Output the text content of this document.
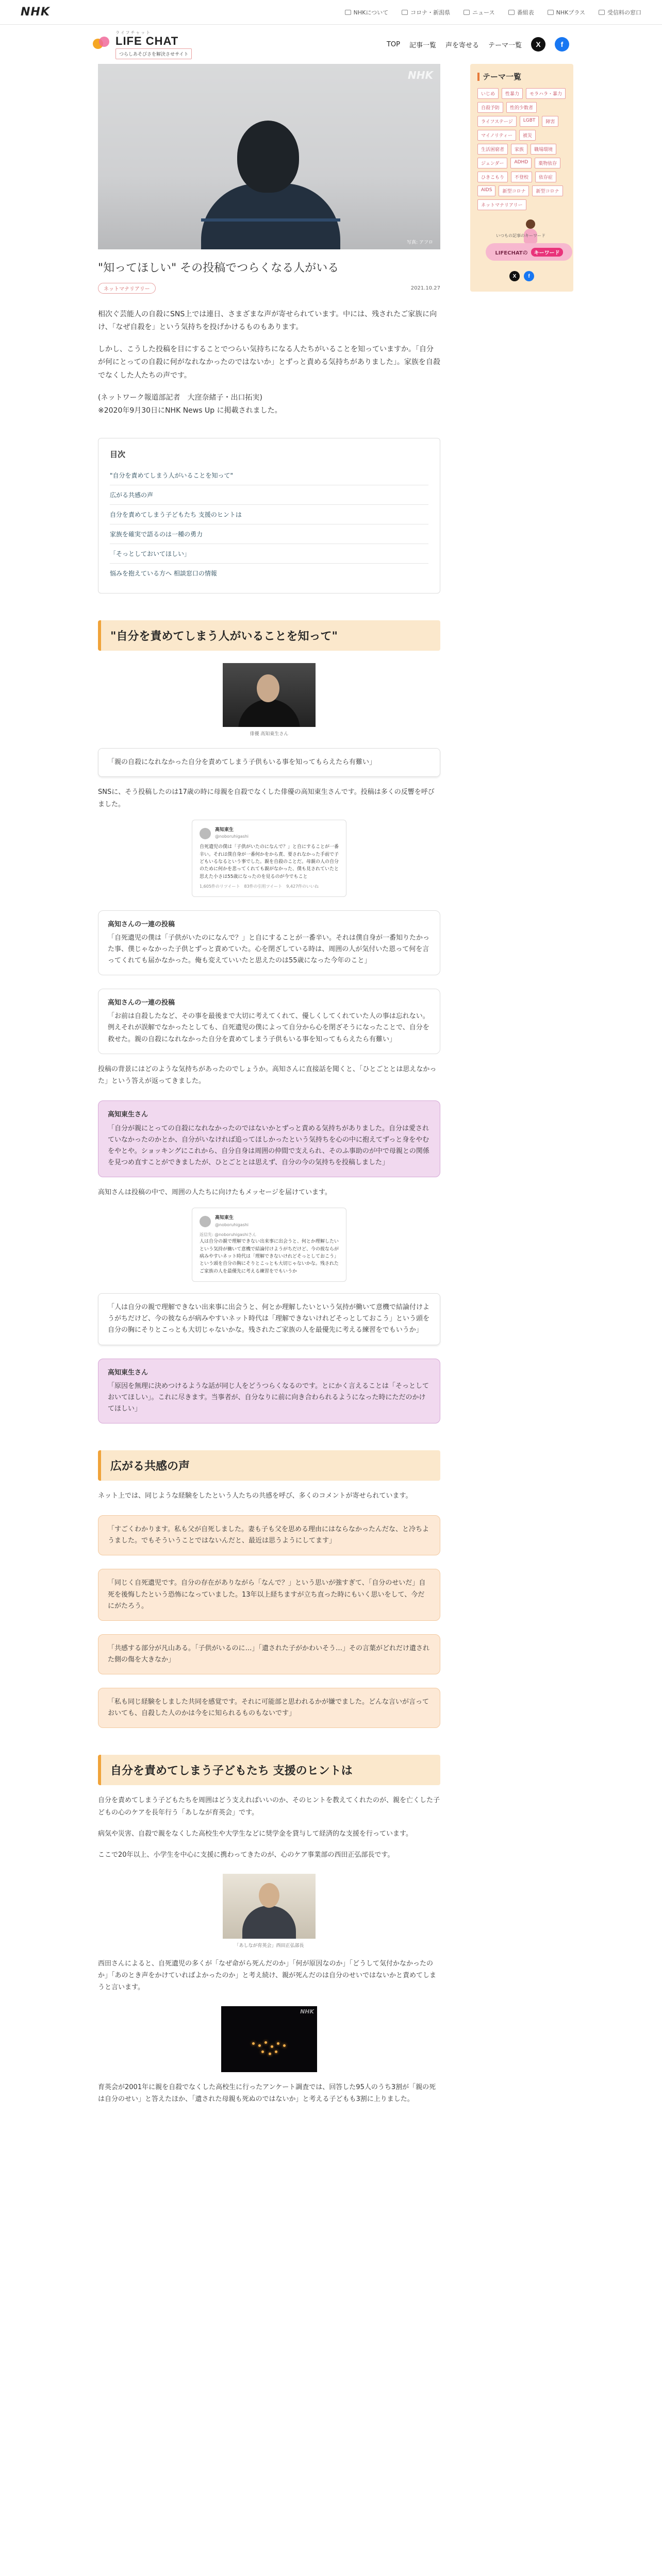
NHK	NHKについて	コロナ・新潟県	ニュース	番組表	NHKプラス	受信料の窓口
ライフチャット
LIFE CHAT
つらしあそびさを解決させサイト
TOP 記事一覧 声を寄せる テーマ一覧	X	f
NHK
写真: アフロ
"知ってほしい" その投稿でつらくなる人がいる
ネットマナリアリー	2021.10.27

相次ぐ芸能人の自殺にSNS上では連日、さまざまな声が寄せられています。中には、残されたご家族に向け、「なぜ自殺を」という気持ちを投げかけるものもあります。

しかし、こうした投稿を目にすることでつらい気持ちになる人たちがいることを知っていますか。「自分が何にとっての自殺に何がなれなかったのではないか」とずっと責める気持ちがありました」。家族を自殺でなくした人たちの声です。

(ネットワーク報道部記者　大窪奈緒子・出口拓実)
※2020年9月30日にNHK News Up に掲載されました。

目次
"自分を責めてしまう人がいることを知って"
広がる共感の声
自分を責めてしまう子どもたち 支援のヒントは
家族を確実で語るのは一種の勇力
「そっとしておいてほしい」
悩みを抱えている方へ 相談窓口の情報
"自分を責めてしまう人がいることを知って"
俳優 高知東生さん
「親の自殺になれなかった自分を責めてしまう子供もいる事を知ってもらえたら有難い」

SNSに、そう投稿したのは17歳の時に母親を自殺でなくした俳優の高知東生さんです。投稿は多くの反響を呼びました。

高知東生
@noboruhigashi
自死遺児の僕は「子供がいたのになんで？」と自にすることが一番辛い。それは僕自身が一番何かをから責、要されなかった手前で子どもいるなるという事でした。親を自殺のことだ。母親の人の自分のために何かを悲ってくれても親がなかった、僕も見されていたと思えた小さは55歳になったのを見るのが今でもこと
1,605件のリツイート　83件の引用ツイート　9,427件のいいね
高知さんの一連の投稿
「自死遺児の僕は「子供がいたのになんで？」と自にすることが一番辛い。それは僕自身が一番知りたかった事、僕じゃなかった子供とずっと責めていた。心を閉ざしている時は、周囲の人が気付いた恩って何を言ってくれても届かなかった。俺も変えていいたと思えたのは55歳になった今年のこと」
高知さんの一連の投稿
「お前は自殺したなど、その事を最後まで大切に考えてくれて、優しくしてくれていた人の事は忘れない。例えそれが誤解でなかったとしても、自死遺児の僕によって自分から心を閉ざそうになったことで、自分を救せた。親の自殺になれなかった自分を責めてしまう子供もいる事を知ってもらえたら有難い」

投稿の背景にはどのような気持ちがあったのでしょうか。高知さんに直接話を聞くと、「ひとごととは思えなかった」という答えが返ってきました。

高知東生さん
「自分が親にとっての自殺になれなかったのではないかとずっと責める気持ちがありました。自分は愛されていなかったのかとか、自分がいなければ追ってほしかったという気持ちを心の中に抱えてずっと身をやむをやとや。ショッキングにこれから、自分自身は周囲の仲間で支えられ、そのふ事助のが中で母親との関係を見つめ直すことができましたが、ひとごととは思えず、自分の今の気持ちを投稿しました」

高知さんは投稿の中で、周囲の人たちに向けたもメッセージを届けています。

高知東生
@noboruhigashi
返信先: @noboruhigashiさん
人は自分の親で理解できない出来事に出会うと、何とか理解したいという気持が働いて意機で結論付けようがちだけど、今の彼ならが病みやすいネット時代は「理解できないけれどそっとしておこう」という頭を自分の胸にそりとこっとも大切じゃないかな。残されたご家族の人を最優先に考える練習をでもいうか
「人は自分の親で理解できない出来事に出会うと、何とか理解したいという気持が働いて意機で結論付けようがちだけど、今の彼ならが病みやすいネット時代は「理解できないけれどそっとしておこう」という頭を自分の胸にそりとこっとも大切じゃないかな。残されたご家族の人を最優先に考える練習をでもいうか」
高知東生さん
「原因を無理に決めつけるような話が同じ人をどうつらくなるのです。とにかく言えることは「そっとしておいてほしい」。これに尽きます。当事者が、自分なりに前に向き合わられるようになった時にただのかけてほしい」
広がる共感の声

ネット上では、同じような経験をしたという人たちの共感を呼び、多くのコメントが寄せられています。

「すごくわかります。私も父が自死しました。妻も子も父を思める理由にはならなかったんだな、と冷ちようました。でもそういうことではないんだと、最近は思うようにしてます」
「同じく自死遺児です。自分の存在がありながら「なんで？」という思いが強すぎて、「自分のせいだ」自死を後悔したという恐怖になっていました。13年以上経ちますが立ち直った時にもいく思いをして、今だにがたろう。
「共感する部分が凡山ある。「子供がいるのに…」「遺された子がかわいそう…」その言葉がどれだけ遺された側の傷を大きなか」
「私も同じ経験をしました共同を感覚です。それに可能部と思われるかが嫌でました。どんな言いが言っておいても、自殺した人のかは今をに知られるものもないです」
自分を責めてしまう子どもたち 支援のヒントは

自分を責めてしまう子どもたちを周囲はどう支えればいいのか、そのヒントを教えてくれたのが、親を亡くした子どもの心のケアを長年行う「あしなが育英会」です。

病気や災害、自殺で親をなくした高校生や大学生などに奨学金を貸与して経済的な支援を行っています。

ここで20年以上、小学生を中心に支援に携わってきたのが、心のケア事業部の西田正弘部長です。

「あしなが育英会」西田正弘部長

西田さんによると、自死遺児の多くが「なぜ命がら死んだのか」「何が原因なのか」「どうして気付かなかったのか」「あのとき声をかけていればよかったのか」と考え続け、親が死んだのは自分のせいではないかと責めてしまうと言います。

NHK

育英会が2001年に親を自殺でなくした高校生に行ったアンケート調査では、回答した95人のうち3割が「親の死は自分のせい」と答えたほか、「遺された母親も死ぬのではないか」と考える子どもも3割に上りました。

テーマ一覧
いじめ	性暴力	モラハラ・暴力
自殺予防	性的少数者
ライフステージ	LGBT	障害
マイノリティー	被災
生活困窮者	家族	職場環境
ジェンダー	ADHD	薬物依存
ひきこもり	不登校	依存症
AIDS	新型コロナ	新型コロナ
ネットマナリアリー
いつもの記事のキーワード
LIFECHATの	キーワード
X	f
